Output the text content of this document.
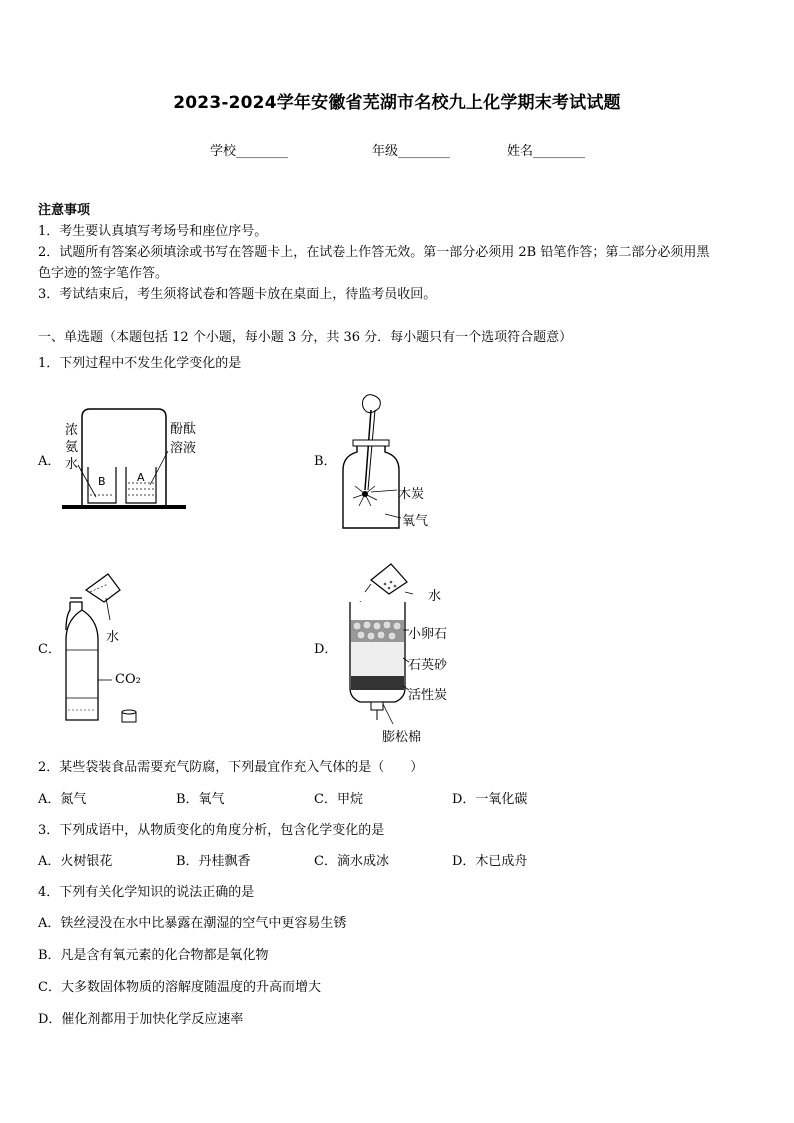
2023-2024学年安徽省芜湖市名校九上化学期末考试试题
学校________	年级________	姓名________
注意事项
1．考生要认真填写考场号和座位序号。
2．试题所有答案必须填涂或书写在答题卡上，在试卷上作答无效。第一部分必须用 2B 铅笔作答；第二部分必须用黑
色字迹的签字笔作答。
3．考试结束后，考生须将试卷和答题卡放在桌面上，待监考员收回。
一、单选题（本题包括 12 个小题，每小题 3 分，共 36 分．每小题只有一个选项符合题意）
1．下列过程中不发生化学变化的是
A．
B	A
浓
氨
水
酚酞
溶液
B．
木炭
氧气
C．
水
CO₂
D．
.	水
小卵石
石英砂
活性炭
膨松棉
2．某些袋装食品需要充气防腐，下列最宜作充入气体的是（　　）
A．氮气	B．氧气	C．甲烷	D．一氧化碳
3．下列成语中，从物质变化的角度分析，包含化学变化的是
A．火树银花	B．丹桂飘香	C．滴水成冰	D．木已成舟
4．下列有关化学知识的说法正确的是
A．铁丝浸没在水中比暴露在潮湿的空气中更容易生锈
B．凡是含有氧元素的化合物都是氧化物
C．大多数固体物质的溶解度随温度的升高而增大
D．催化剂都用于加快化学反应速率
